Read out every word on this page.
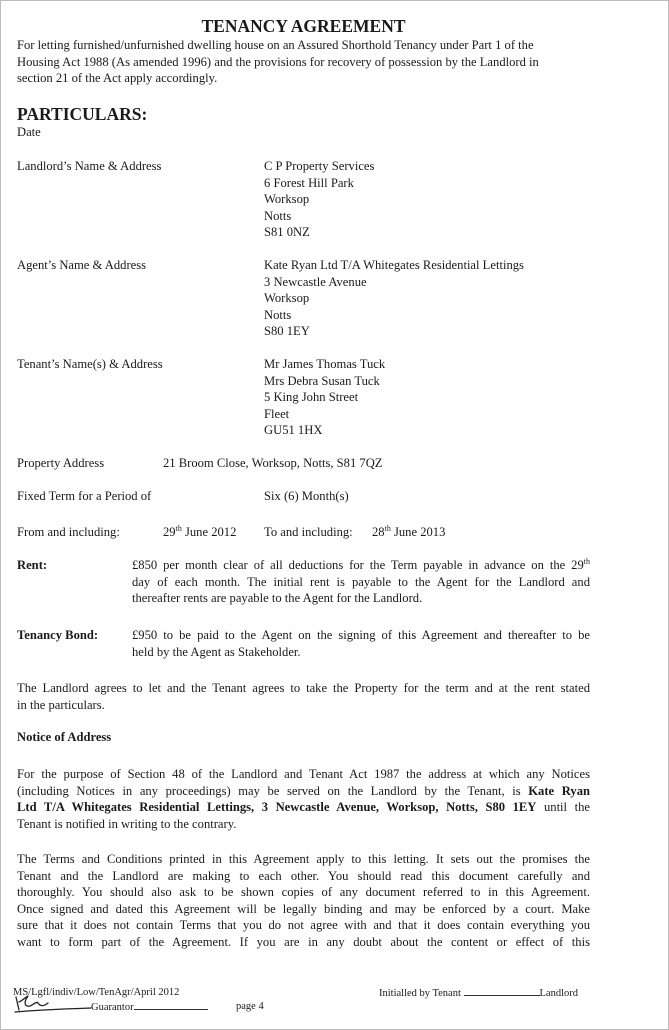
TENANCY AGREEMENT
For letting furnished/unfurnished dwelling house on an Assured Shorthold Tenancy under Part 1 of the
Housing Act 1988 (As amended 1996) and the provisions for recovery of possession by the Landlord in
section 21 of the Act apply accordingly.
PARTICULARS:
Date
Landlord’s Name & Address	C P Property Services
6 Forest Hill Park
Worksop
Notts
S81 0NZ
Agent’s Name & Address	Kate Ryan Ltd T/A Whitegates Residential Lettings
3 Newcastle Avenue
Worksop
Notts
S80 1EY
Tenant’s Name(s) & Address	Mr James Thomas Tuck
Mrs Debra Susan Tuck
5 King John Street
Fleet
GU51 1HX
Property Address	21 Broom Close, Worksop, Notts, S81 7QZ
Fixed Term for a Period of	Six (6) Month(s)
From and including:	29th June 2012 To and including: 28th June 2013
Rent:	£850 per month clear of all deductions for the Term payable in advance on the 29th
day of each month. The initial rent is payable to the Agent for the Landlord and
thereafter rents are payable to the Agent for the Landlord.
Tenancy Bond:	£950 to be paid to the Agent on the signing of this Agreement and thereafter to be
held by the Agent as Stakeholder.
The Landlord agrees to let and the Tenant agrees to take the Property for the term and at the rent stated
in the particulars.
Notice of Address
For the purpose of Section 48 of the Landlord and Tenant Act 1987 the address at which any Notices
(including Notices in any proceedings) may be served on the Landlord by the Tenant, is Kate Ryan
Ltd T/A Whitegates Residential Lettings, 3 Newcastle Avenue, Worksop, Notts, S80 1EY until the
Tenant is notified in writing to the contrary.
The Terms and Conditions printed in this Agreement apply to this letting. It sets out the promises the
Tenant and the Landlord are making to each other. You should read this document carefully and
thoroughly. You should also ask to be shown copies of any document referred to in this Agreement.
Once signed and dated this Agreement will be legally binding and may be enforced by a court. Make
sure that it does not contain Terms that you do not agree with and that it does contain everything you
want to form part of the Agreement. If you are in any doubt about the content or effect of this
MS/Lgfl/indiv/Low/TenAgr/April 2012
Guarantor	page 4
Initialled by Tenant	Landlord
